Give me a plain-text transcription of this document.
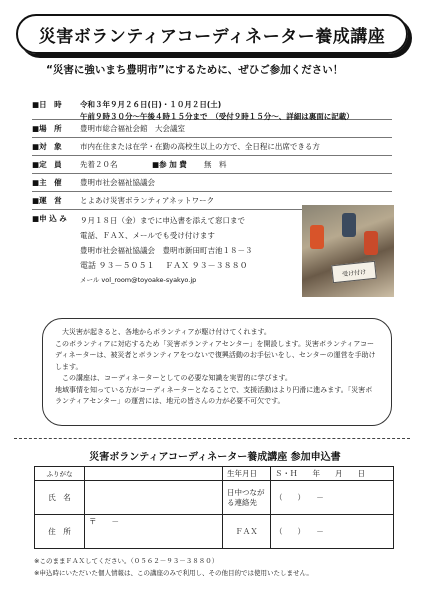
災害ボランティアコーディネーター養成講座
“災害に強いまち豊明市”にするために、ぜひご参加ください！
■日　時	令和３年９月２６日(日)・１０月２日(土)
午前９時３０分～午後４時１５分まで　（受付９時１５分～、詳細は裏面に記載）
■場　所	豊明市総合福祉会館　大会議室
■対　象	市内在住または在学・在勤の高校生以上の方で、全日程に出席できる方
■定　員	先着２０名	■参 加 費	無　料
■主　催	豊明市社会福祉協議会
■運　営	とよあけ災害ボランティアネットワーク
■申 込 み	９月１８日（金）までに申込書を添えて窓口まで
電話、ＦＡＸ、メールでも受け付けます
豊明市社会福祉協議会　豊明市新田町吉池１８－３
電話 ９３－５０５１　 ＦＡＸ ９３－３８８０
メール vol_room@toyoake-syakyo.jp
受け付け

大災害が起きると、各地からボランティアが駆け付けてくれます。

このボランティアに対応するため「災害ボランティアセンター」を開設します。災害ボランティアコーディネーターは、被災者とボランティアをつないで復興活動のお手伝いをし、センターの運営を手助けします。

この講座は、コーディネーターとしての必要な知識を実習的に学びます。

地域事情を知っている方がコーディネーターとなることで、支援活動はより円滑に進みます。「災害ボランティアセンター」の運営には、地元の皆さんの力が必要不可欠です。

災害ボランティアコーディネーター養成講座 参加申込書
ふりがな		生年月日	Ｓ・Ｈ　　年　　月　　日
氏　名		日中つながる連絡先	（　　）　　－
住　所	〒　　－	ＦＡＸ	（　　）　　－
※このままＦＡＸしてください。（０５６２－９３－３８８０）
※申込時にいただいた個人情報は、この講座のみで利用し、その他目的では使用いたしません。
